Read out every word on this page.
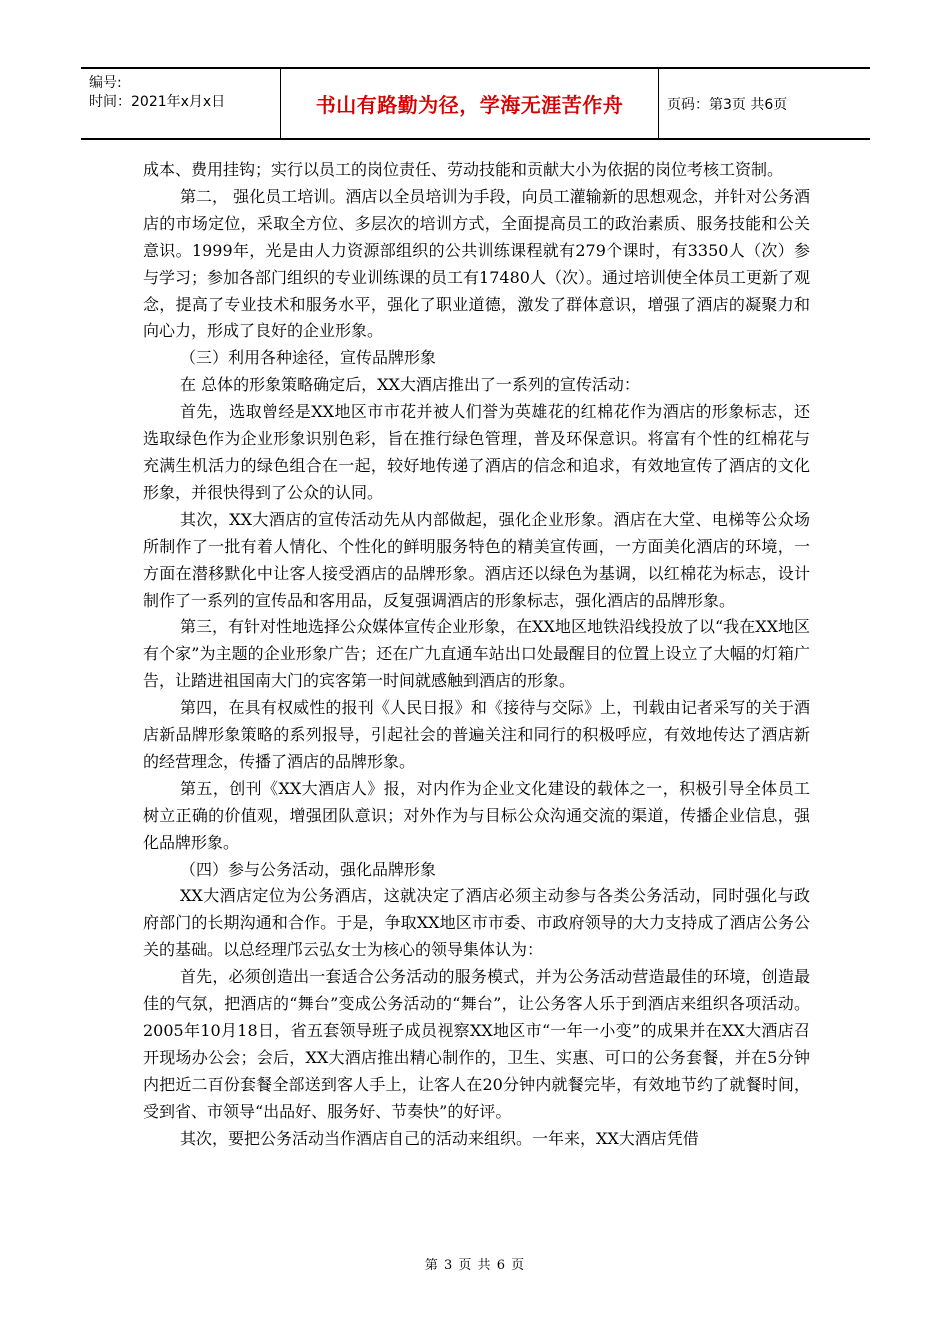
编号:
时间：2021年x月x日	书山有路勤为径，学海无涯苦作舟	页码：第3页 共6页

成本、费用挂钩；实行以员工的岗位责任、劳动技能和贡献大小为依据的岗位考核工资制。

第二， 强化员工培训。酒店以全员培训为手段，向员工灌输新的思想观念，并针对公务酒店的市场定位，采取全方位、多层次的培训方式，全面提高员工的政治素质、服务技能和公关意识。1999年，光是由人力资源部组织的公共训练课程就有279个课时，有3350人（次）参与学习；参加各部门组织的专业训练课的员工有17480人（次）。通过培训使全体员工更新了观念，提高了专业技术和服务水平，强化了职业道德，激发了群体意识，增强了酒店的凝聚力和向心力，形成了良好的企业形象。

（三）利用各种途径，宣传品牌形象

在 总体的形象策略确定后，XX大酒店推出了一系列的宣传活动：

首先，选取曾经是XX地区市市花并被人们誉为英雄花的红棉花作为酒店的形象标志，还选取绿色作为企业形象识别色彩，旨在推行绿色管理，普及环保意识。将富有个性的红棉花与充满生机活力的绿色组合在一起，较好地传递了酒店的信念和追求，有效地宣传了酒店的文化形象，并很快得到了公众的认同。

其次，XX大酒店的宣传活动先从内部做起，强化企业形象。酒店在大堂、电梯等公众场所制作了一批有着人情化、个性化的鲜明服务特色的精美宣传画，一方面美化酒店的环境，一方面在潜移默化中让客人接受酒店的品牌形象。酒店还以绿色为基调，以红棉花为标志，设计制作了一系列的宣传品和客用品，反复强调酒店的形象标志，强化酒店的品牌形象。

第三，有针对性地选择公众媒体宣传企业形象，在XX地区地铁沿线投放了以“我在XX地区有个家”为主题的企业形象广告；还在广九直通车站出口处最醒目的位置上设立了大幅的灯箱广告，让踏进祖国南大门的宾客第一时间就感触到酒店的形象。

第四，在具有权威性的报刊《人民日报》和《接待与交际》上，刊载由记者采写的关于酒店新品牌形象策略的系列报导，引起社会的普遍关注和同行的积极呼应，有效地传达了酒店新的经营理念，传播了酒店的品牌形象。

第五，创刊《XX大酒店人》报，对内作为企业文化建设的载体之一，积极引导全体员工树立正确的价值观，增强团队意识；对外作为与目标公众沟通交流的渠道，传播企业信息，强化品牌形象。

（四）参与公务活动，强化品牌形象

XX大酒店定位为公务酒店，这就决定了酒店必须主动参与各类公务活动，同时强化与政府部门的长期沟通和合作。于是，争取XX地区市市委、市政府领导的大力支持成了酒店公务公关的基础。以总经理邝云弘女士为核心的领导集体认为：

首先，必须创造出一套适合公务活动的服务模式，并为公务活动营造最佳的环境，创造最佳的气氛，把酒店的“舞台”变成公务活动的“舞台”，让公务客人乐于到酒店来组织各项活动。2005年10月18日，省五套领导班子成员视察XX地区市“一年一小变”的成果并在XX大酒店召开现场办公会；会后，XX大酒店推出精心制作的，卫生、实惠、可口的公务套餐，并在5分钟内把近二百份套餐全部送到客人手上，让客人在20分钟内就餐完毕，有效地节约了就餐时间，受到省、市领导“出品好、服务好、节奏快”的好评。

其次，要把公务活动当作酒店自己的活动来组织。一年来，XX大酒店凭借

第 3 页 共 6 页
